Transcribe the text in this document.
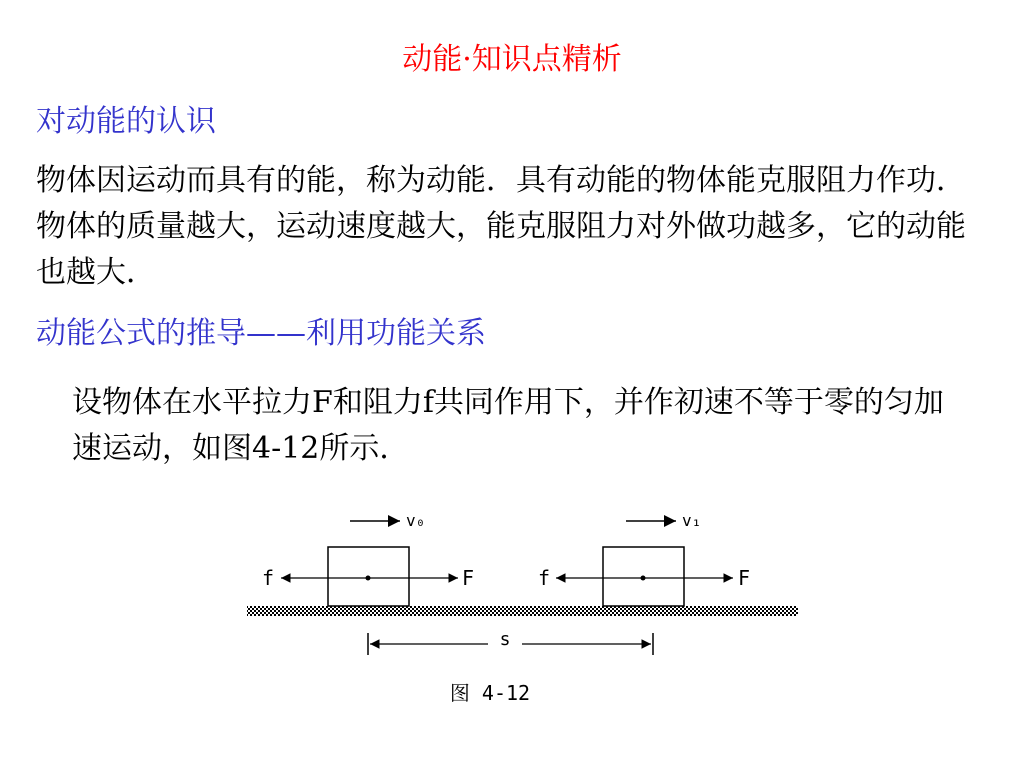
动能·知识点精析
对动能的认识

物体因运动而具有的能，称为动能．具有动能的物体能克服阻力作功．物体的质量越大，运动速度越大，能克服阻力对外做功越多，它的动能也越大．

动能公式的推导——利用功能关系

设物体在水平拉力F和阻力f共同作用下，并作初速不等于零的匀加速运动，如图4-12所示．

v₀
f	F
v₁
f	F
s
图 4-12
